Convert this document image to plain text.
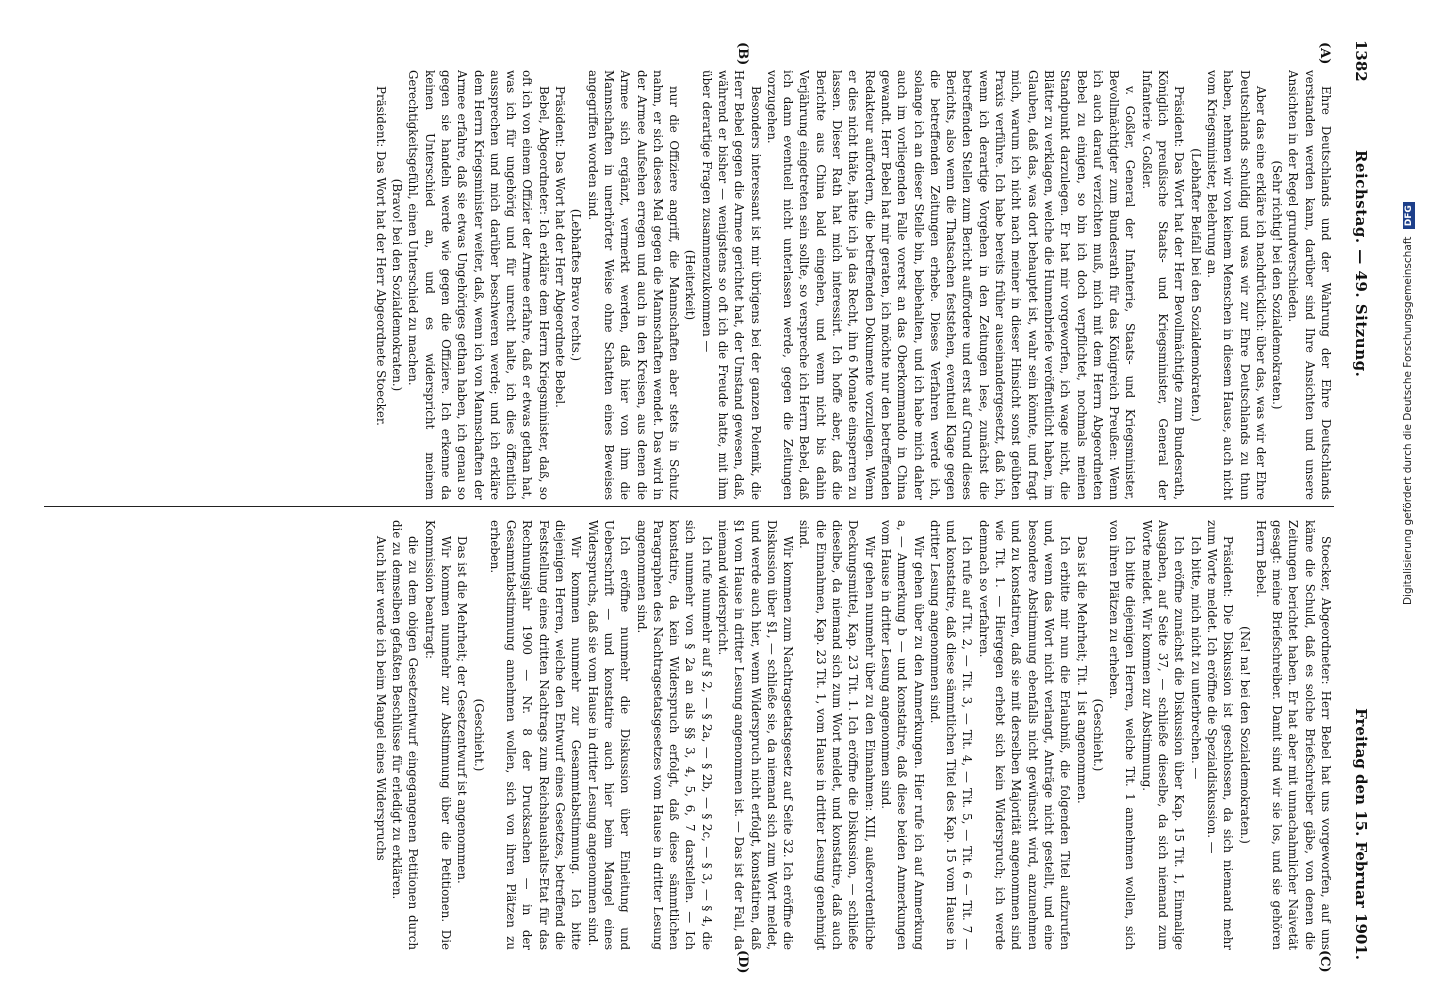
1382
Reichstag. — 49. Sitzung.
Freitag den 15. Februar 1901.
(A)
(B)
(C)
(D)

Ehre Deutschlands und der Wahrung der Ehre Deutschlands verstanden werden kann, darüber sind Ihre Ansichten und unsere Ansichten in der Regel grundverschieden.

(Sehr richtig! bei den Sozialdemokraten.)

Aber das eine erkläre ich nachdrücklich: über das, was wir der Ehre Deutschlands schuldig und was wir zur Ehre Deutschlands zu thun haben, nehmen wir von keinem Menschen in diesem Hause, auch nicht vom Kriegsminister, Belehrung an.

(Lebhafter Beifall bei den Sozialdemokraten.)

Präsident: Das Wort hat der Herr Bevollmächtigte zum Bundesrath, Königlich preußische Staats- und Kriegsminister, General der Infanterie v. Goßler.

v. Goßler, General der Infanterie, Staats- und Kriegsminister, Bevollmächtigter zum Bundesrath für das Königreich Preußen: Wenn ich auch darauf verzichten muß, mich mit dem Herrn Abgeordneten Bebel zu einigen, so bin ich doch verpflichtet, nochmals meinen Standpunkt darzulegen. Er hat mir vorgeworfen, ich wage nicht, die Blätter zu verklagen, welche die Hunnenbriefe veröffentlicht haben, im Glauben, daß das, was dort behauptet ist, wahr sein könnte, und fragt mich, warum ich nicht nach meiner in dieser Hinsicht sonst geübten Praxis verführe. Ich habe bereits früher auseinandergesetzt, daß ich, wenn ich derartige Vorgehen in den Zeitungen lese, zunächst die betreffenden Stellen zum Bericht auffordere und erst auf Grund dieses Berichts, also wenn die Thatsachen feststehen, eventuell Klage gegen die betreffenden Zeitungen erhebe. Dieses Verfahren werde ich, solange ich an dieser Stelle bin, beibehalten, und ich habe mich daher auch im vorliegenden Falle vorerst an das Oberkommando in China gewandt. Herr Bebel hat mir geraten, ich möchte nur den betreffenden Redakteur auffordern, die betreffenden Dokumente vorzulegen. Wenn er dies nicht thäte, hätte ich ja das Recht, ihn 6 Monate einsperren zu lassen. Dieser Rath hat mich interessirt. Ich hoffe aber, daß die Berichte aus China bald eingehen, und wenn nicht bis dahin Verjährung eingetreten sein sollte, so verspreche ich Herrn Bebel, daß ich dann eventuell nicht unterlassen werde, gegen die Zeitungen vorzugehen.

Besonders interessant ist mir übrigens bei der ganzen Polemik, die Herr Bebel gegen die Armee gerichtet hat, der Umstand gewesen, daß, während er bisher — wenigstens so oft ich die Freude hatte, mit ihm über derartige Fragen zusammenzukommen —

(Heiterkeit)

nur die Offiziere angriff, die Mannschaften aber stets in Schutz nahm, er sich dieses Mal gegen die Mannschaften wendet. Das wird in der Armee Aufsehen erregen und auch in den Kreisen, aus denen die Armee sich ergänzt, vermerkt werden, daß hier von ihm die Mannschaften in unerhörter Weise ohne Schatten eines Beweises angegriffen worden sind.

(Lebhaftes Bravo rechts.)

Präsident: Das Wort hat der Herr Abgeordnete Bebel.

Bebel, Abgeordneter: Ich erkläre dem Herrn Kriegsminister, daß, so oft ich von einem Offizier der Armee erfahre, daß er etwas gethan hat, was ich für ungehörig und für unrecht halte, ich dies öffentlich aussprechen und mich darüber beschweren werde; und ich erkläre dem Herrn Kriegsminister weiter, daß, wenn ich von Mannschaften der Armee erfahre, daß sie etwas Ungehöriges gethan haben, ich genau so gegen sie handeln werde wie gegen die Offiziere. Ich erkenne da keinen Unterschied an, und es widerspricht meinem Gerechtigkeitsgefühl, einen Unterschied zu machen.

(Bravo! bei den Sozialdemokraten.)

Präsident: Das Wort hat der Herr Abgeordnete Stoecker.

Stoecker, Abgeordneter: Herr Bebel hat uns vorgeworfen, auf uns käme die Schuld, daß es solche Briefschreiber gäbe, von denen die Zeitungen berichtet haben. Er hat aber mit unnachahmlicher Naivetät gesagt: meine Briefschreiber. Damit sind wir sie los, und sie gehören Herrn Bebel.

(Na! na! bei den Sozialdemokraten.)

Präsident: Die Diskussion ist geschlossen, da sich niemand mehr zum Worte meldet. Ich eröffne die Spezialdiskussion. —

Ich bitte, mich nicht zu unterbrechen. —

Ich eröffne zunächst die Diskussion über Kap. 15 Tit. 1, Einmalige Ausgaben, auf Seite 37, — schließe dieselbe, da sich niemand zum Worte meldet. Wir kommen zur Abstimmung.

Ich bitte diejenigen Herren, welche Tit. 1 annehmen wollen, sich von ihren Plätzen zu erheben.

(Geschieht.)

Das ist die Mehrheit; Tit. 1 ist angenommen.

Ich erbitte mir nun die Erlaubniß, die folgenden Titel aufzurufen und, wenn das Wort nicht verlangt, Anträge nicht gestellt, und eine besondere Abstimmung ebenfalls nicht gewünscht wird, anzunehmen und zu konstatiren, daß sie mit derselben Majorität angenommen sind wie Tit. 1. — Hiergegen erhebt sich kein Widerspruch; ich werde demnach so verfahren.

Ich rufe auf Tit. 2, — Tit. 3, — Tit. 4, — Tit. 5, — Tit. 6 — Tit. 7 — und konstatire, daß diese sämmtlichen Titel des Kap. 15 vom Hause in dritter Lesung angenommen sind.

Wir gehen über zu den Anmerkungen. Hier rufe ich auf Anmerkung a, — Anmerkung b — und konstatire, daß diese beiden Anmerkungen vom Hause in dritter Lesung angenommen sind.

Wir gehen nunmehr über zu den Einnahmen: XIII, außerordentliche Deckungsmittel, Kap. 23 Tit. 1. Ich eröffne die Diskussion, — schließe dieselbe, da niemand sich zum Wort meldet, und konstatire, daß auch die Einnahmen, Kap. 23 Tit. 1, vom Hause in dritter Lesung genehmigt sind.

Wir kommen zum Nachtragsetatsgesetz auf Seite 32. Ich eröffne die Diskussion über §1, — schließe sie, da niemand sich zum Wort meldet, und werde auch hier, wenn Widerspruch nicht erfolgt, konstatiren, daß §1 vom Hause in dritter Lesung angenommen ist. — Das ist der Fall, da niemand widerspricht.

Ich rufe nunmehr auf § 2, — § 2a, — § 2b, — § 2c, — § 3, — § 4, die sich nunmehr von § 2a an als §§ 3, 4, 5, 6, 7 darstellen. — Ich konstatire, da kein Widerspruch erfolgt, daß diese sämmtlichen Paragraphen des Nachtragsetatsgesetzes vom Hause in dritter Lesung angenommen sind.

Ich eröffne nunmehr die Diskussion über Einleitung und Ueberschrift — und konstatire auch hier beim Mangel eines Widerspruchs, daß sie vom Hause in dritter Lesung angenommen sind.

Wir kommen nunmehr zur Gesammtabstimmung. Ich bitte diejenigen Herren, welche den Entwurf eines Gesetzes, betreffend die Feststellung eines dritten Nachtrags zum Reichshaushalts-Etat für das Rechnungsjahr 1900 — Nr. 8 der Drucksachen — in der Gesammtabstimmung annehmen wollen, sich von ihren Plätzen zu erheben.

(Geschieht.)

Das ist die Mehrheit; der Gesetzentwurf ist angenommen.

Wir kommen nunmehr zur Abstimmung über die Petitionen. Die Kommission beantragt:

die zu dem obigen Gesetzentwurf eingegangenen Petitionen durch die zu demselben gefaßten Beschlüsse für erledigt zu erklären.

Auch hier werde ich beim Mangel eines Widerspruchs

Digitalisierung gefördert durch die Deutsche Forschungsgemeinschaft DFG
